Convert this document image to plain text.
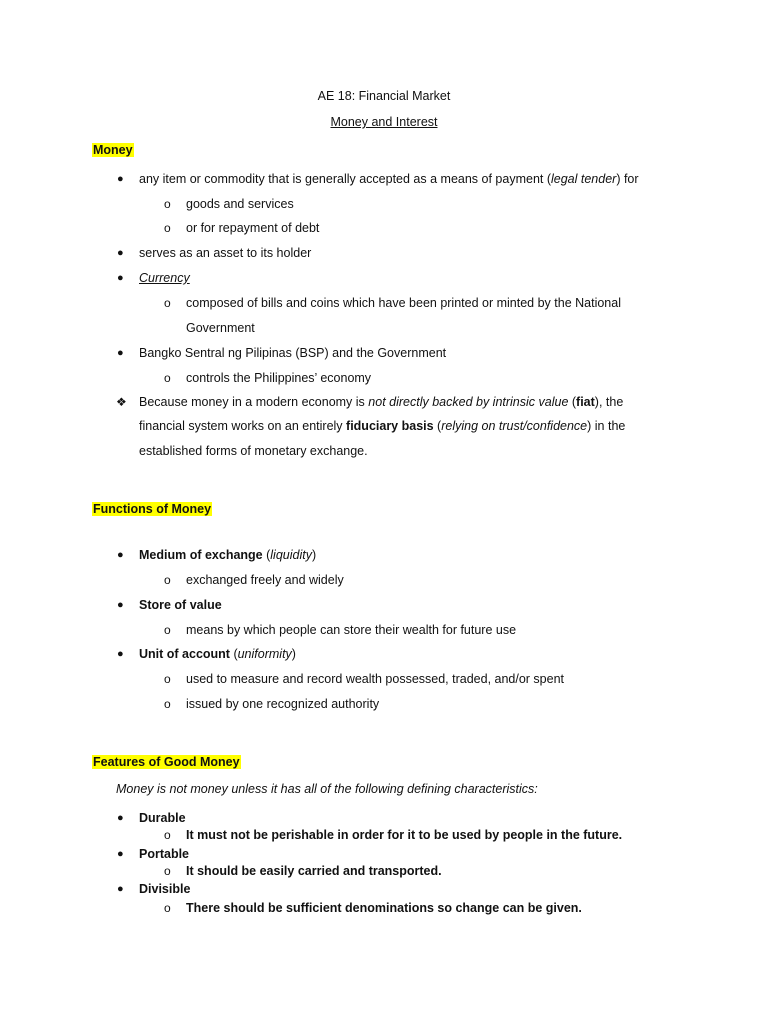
AE 18: Financial Market
Money and Interest
Money
● any item or commodity that is generally accepted as a means of payment (legal tender) for
o goods and services
o or for repayment of debt
● serves as an asset to its holder
● Currency
o composed of bills and coins which have been printed or minted by the National
Government
● Bangko Sentral ng Pilipinas (BSP) and the Government
o controls the Philippines’ economy
❖ Because money in a modern economy is not directly backed by intrinsic value (fiat), the
financial system works on an entirely fiduciary basis (relying on trust/confidence) in the
established forms of monetary exchange.
Functions of Money
● Medium of exchange (liquidity)
o exchanged freely and widely
● Store of value
o means by which people can store their wealth for future use
● Unit of account (uniformity)
o used to measure and record wealth possessed, traded, and/or spent
o issued by one recognized authority
Features of Good Money
Money is not money unless it has all of the following defining characteristics:
● Durable
o It must not be perishable in order for it to be used by people in the future.
● Portable
o It should be easily carried and transported.
● Divisible
o There should be sufficient denominations so change can be given.
